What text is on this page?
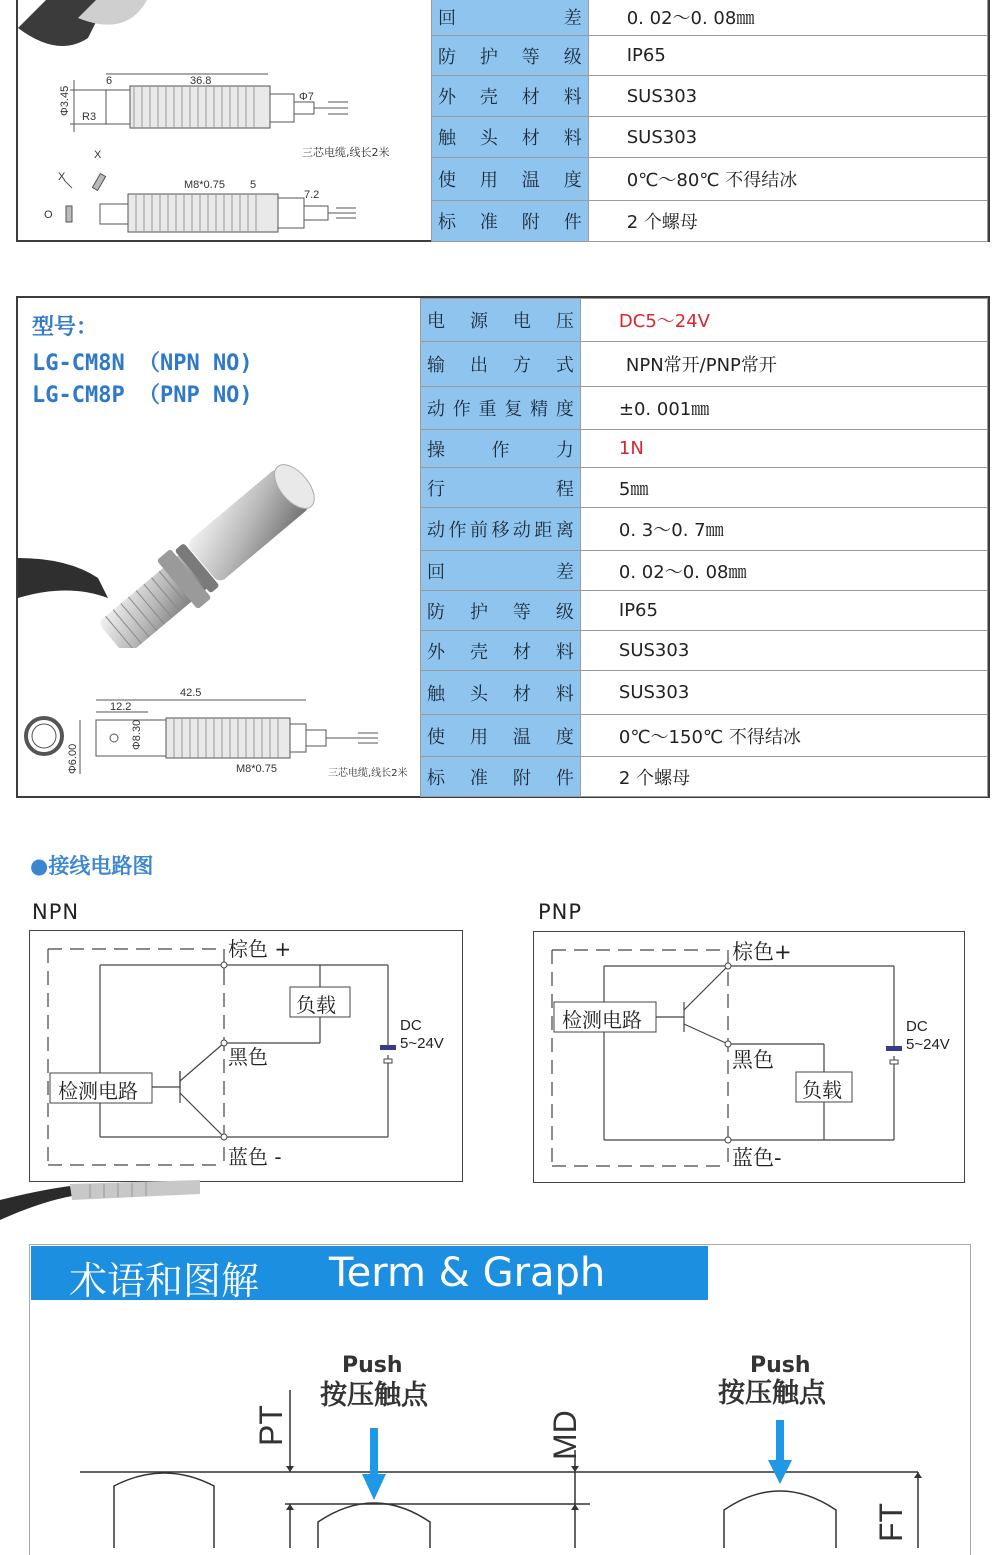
6	36.8
R3
Φ7
Φ3.45
三芯电缆,线长2米
X
X
O
M8*0.75 5
7.2
回差	0. 02～0. 08㎜
防护等级	IP65
外壳材料	SUS303
触头材料	SUS303
使用温度	0℃～80℃ 不得结冰
标准附件	2 个螺母
型号：
LG-CM8N （NPN NO)
LG-CM8P （PNP NO)
42.5
12.2
Φ8.30
Φ6.00	M8*0.75	三芯电缆,线长2米
电源电压	DC5～24V
输出方式	NPN常开/PNP常开
动作重复精度	±0. 001㎜
操作力	1N
行程	5㎜
动作前移动距离	0. 3～0. 7㎜
回差	0. 02～0. 08㎜
防护等级	IP65
外壳材料	SUS303
触头材料	SUS303
使用温度	0℃～150℃ 不得结冰
标准附件	2 个螺母
●接线电路图
NPN	PNP
棕色 +
负载
黑色
检测电路
蓝色 -
DC
5~24V
棕色+
检测电路
黑色
负载
蓝色-
DC
5~24V
术语和图解 Term & Graph
Push
按压触点
Push
按压触点
PT	MD
FT
